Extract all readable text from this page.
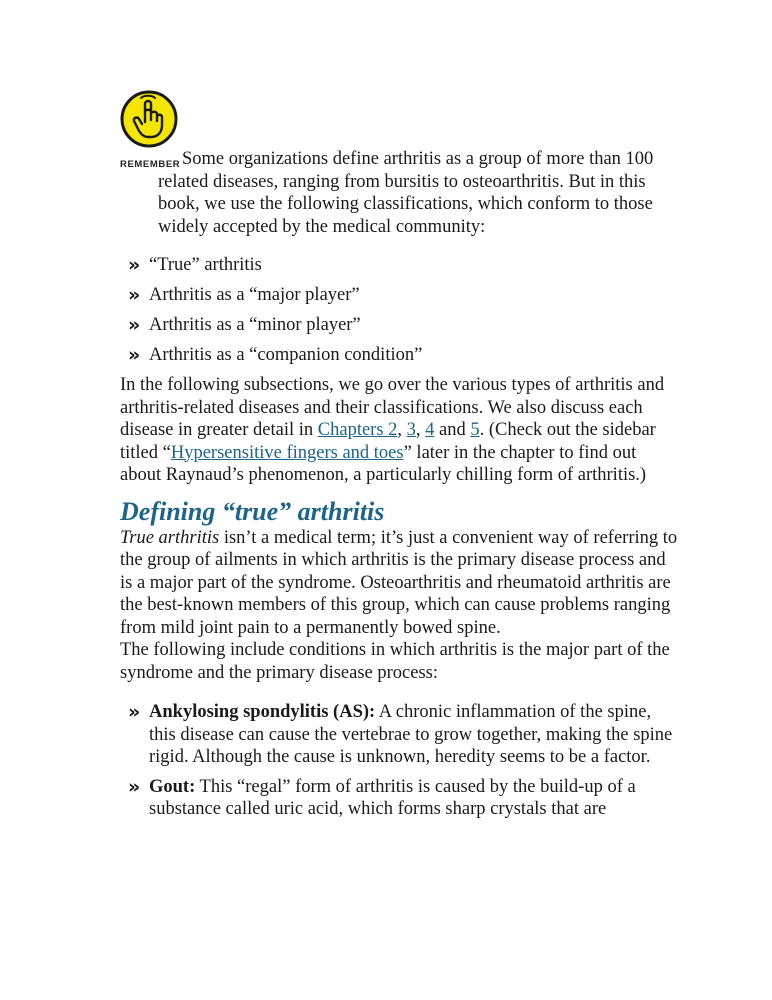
REMEMBER Some organizations define arthritis as a group of more than 100 related diseases, ranging from bursitis to osteoarthritis. But in this book, we use the following classifications, which conform to those widely accepted by the medical community:
» “True” arthritis
» Arthritis as a “major player”
» Arthritis as a “minor player”
» Arthritis as a “companion condition”

In the following subsections, we go over the various types of arthritis and arthritis-related diseases and their classifications. We also discuss each disease in greater detail in Chapters 2, 3, 4 and 5. (Check out the sidebar titled “Hypersensitive fingers and toes” later in the chapter to find out about Raynaud’s phenomenon, a particularly chilling form of arthritis.)

Defining “true” arthritis

True arthritis isn’t a medical term; it’s just a convenient way of referring to the group of ailments in which arthritis is the primary disease process and is a major part of the syndrome. Osteoarthritis and rheumatoid arthritis are the best-known members of this group, which can cause problems ranging from mild joint pain to a permanently bowed spine.

The following include conditions in which arthritis is the major part of the syndrome and the primary disease process:

» Ankylosing spondylitis (AS): A chronic inflammation of the spine, this disease can cause the vertebrae to grow together, making the spine rigid. Although the cause is unknown, heredity seems to be a factor.
» Gout: This “regal” form of arthritis is caused by the build-up of a substance called uric acid, which forms sharp crystals that are
